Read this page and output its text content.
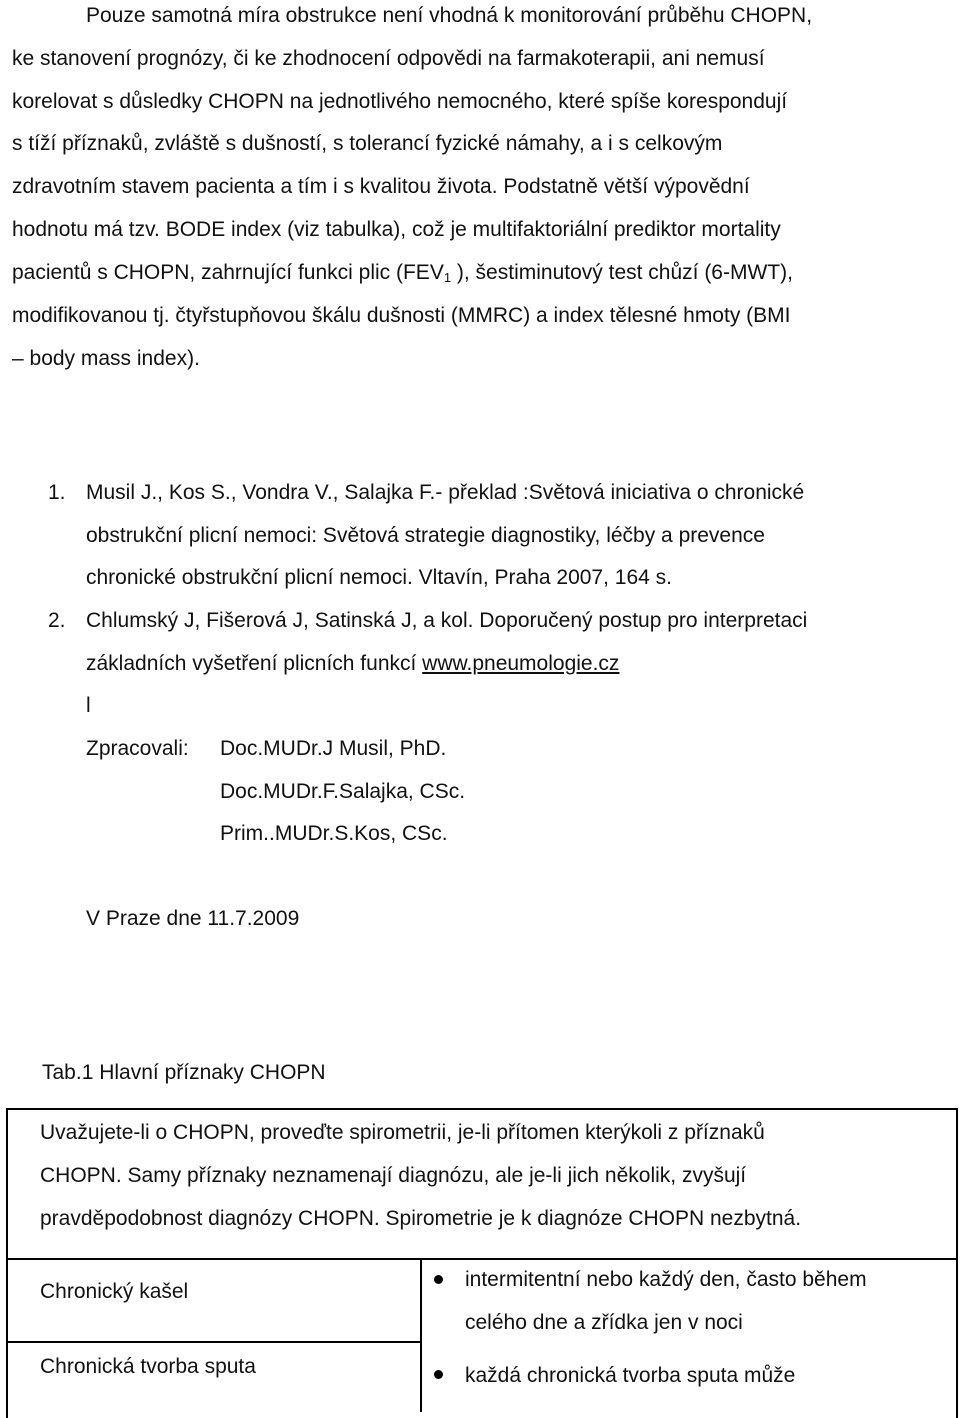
Pouze samotná míra obstrukce není vhodná k monitorování průběhu CHOPN,
ke stanovení prognózy, či ke zhodnocení odpovědi na farmakoterapii, ani nemusí
korelovat s důsledky CHOPN na jednotlivého nemocného, které spíše korespondují
s tíží příznaků, zvláště s dušností, s tolerancí fyzické námahy, a i s celkovým
zdravotním stavem pacienta a tím i s kvalitou života. Podstatně větší výpovědní
hodnotu má tzv. BODE index (viz tabulka), což je multifaktoriální prediktor mortality
pacientů s CHOPN, zahrnující funkci plic ($FEV_1$ ), šestiminutový test chůzí (6-MWT),
modifikovanou tj. čtyřstupňovou škálu dušnosti (MMRC) a index tělesné hmoty (BMI
– body mass index).
1. Musil J., Kos S., Vondra V., Salajka F.- překlad :Světová iniciativa o chronické
obstrukční plicní nemoci: Světová strategie diagnostiky, léčby a prevence
chronické obstrukční plicní nemoci. Vltavín, Praha 2007, 164 s.
2. Chlumský J, Fišerová J, Satinská J, a kol. Doporučený postup pro interpretaci
základních vyšetření plicních funkcí www.pneumologie.cz
l
Zpracovali: Doc.MUDr.J Musil, PhD.
Doc.MUDr.F.Salajka, CSc.
Prim..MUDr.S.Kos, CSc.
V Praze dne 11.7.2009
Tab.1 Hlavní příznaky CHOPN
Uvažujete-li o CHOPN, proveďte spirometrii, je-li přítomen kterýkoli z příznaků
CHOPN. Samy příznaky neznamenají diagnózu, ale je-li jich několik, zvyšují
pravděpodobnost diagnózy CHOPN. Spirometrie je k diagnóze CHOPN nezbytná.
Chronický kašel
intermitentní nebo každý den, často během
celého dne a zřídka jen v noci
Chronická tvorba sputa	každá chronická tvorba sputa může
